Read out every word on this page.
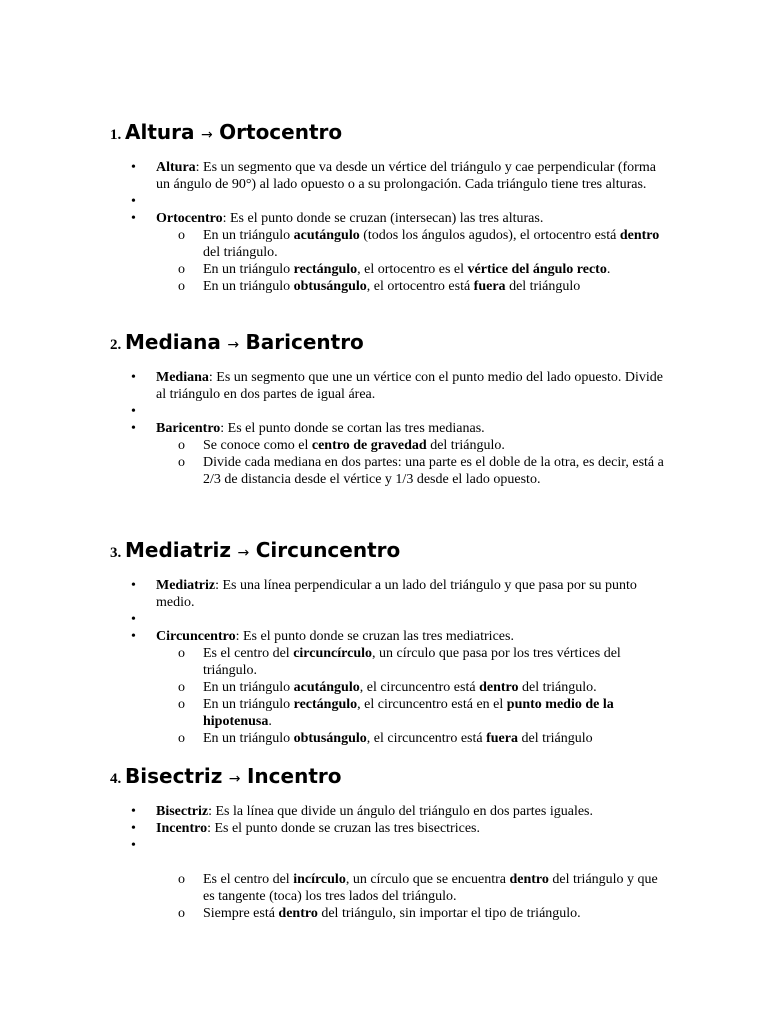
1. Altura → Ortocentro
• Altura: Es un segmento que va desde un vértice del triángulo y cae perpendicular (forma un ángulo de 90°) al lado opuesto o a su prolongación. Cada triángulo tiene tres alturas.
•
• Ortocentro: Es el punto donde se cruzan (intersecan) las tres alturas.
o En un triángulo acutángulo (todos los ángulos agudos), el ortocentro está dentro del triángulo.
o En un triángulo rectángulo, el ortocentro es el vértice del ángulo recto.
o En un triángulo obtusángulo, el ortocentro está fuera del triángulo
2. Mediana → Baricentro
• Mediana: Es un segmento que une un vértice con el punto medio del lado opuesto. Divide al triángulo en dos partes de igual área.
•
• Baricentro: Es el punto donde se cortan las tres medianas.
o Se conoce como el centro de gravedad del triángulo.
o Divide cada mediana en dos partes: una parte es el doble de la otra, es decir, está a 2/3 de distancia desde el vértice y 1/3 desde el lado opuesto.
3. Mediatriz → Circuncentro
• Mediatriz: Es una línea perpendicular a un lado del triángulo y que pasa por su punto medio.
•
• Circuncentro: Es el punto donde se cruzan las tres mediatrices.
o Es el centro del circuncírculo, un círculo que pasa por los tres vértices del triángulo.
o En un triángulo acutángulo, el circuncentro está dentro del triángulo.
o En un triángulo rectángulo, el circuncentro está en el punto medio de la hipotenusa.
o En un triángulo obtusángulo, el circuncentro está fuera del triángulo
4. Bisectriz → Incentro
• Bisectriz: Es la línea que divide un ángulo del triángulo en dos partes iguales.
• Incentro: Es el punto donde se cruzan las tres bisectrices.
•
o Es el centro del incírculo, un círculo que se encuentra dentro del triángulo y que es tangente (toca) los tres lados del triángulo.
o Siempre está dentro del triángulo, sin importar el tipo de triángulo.
